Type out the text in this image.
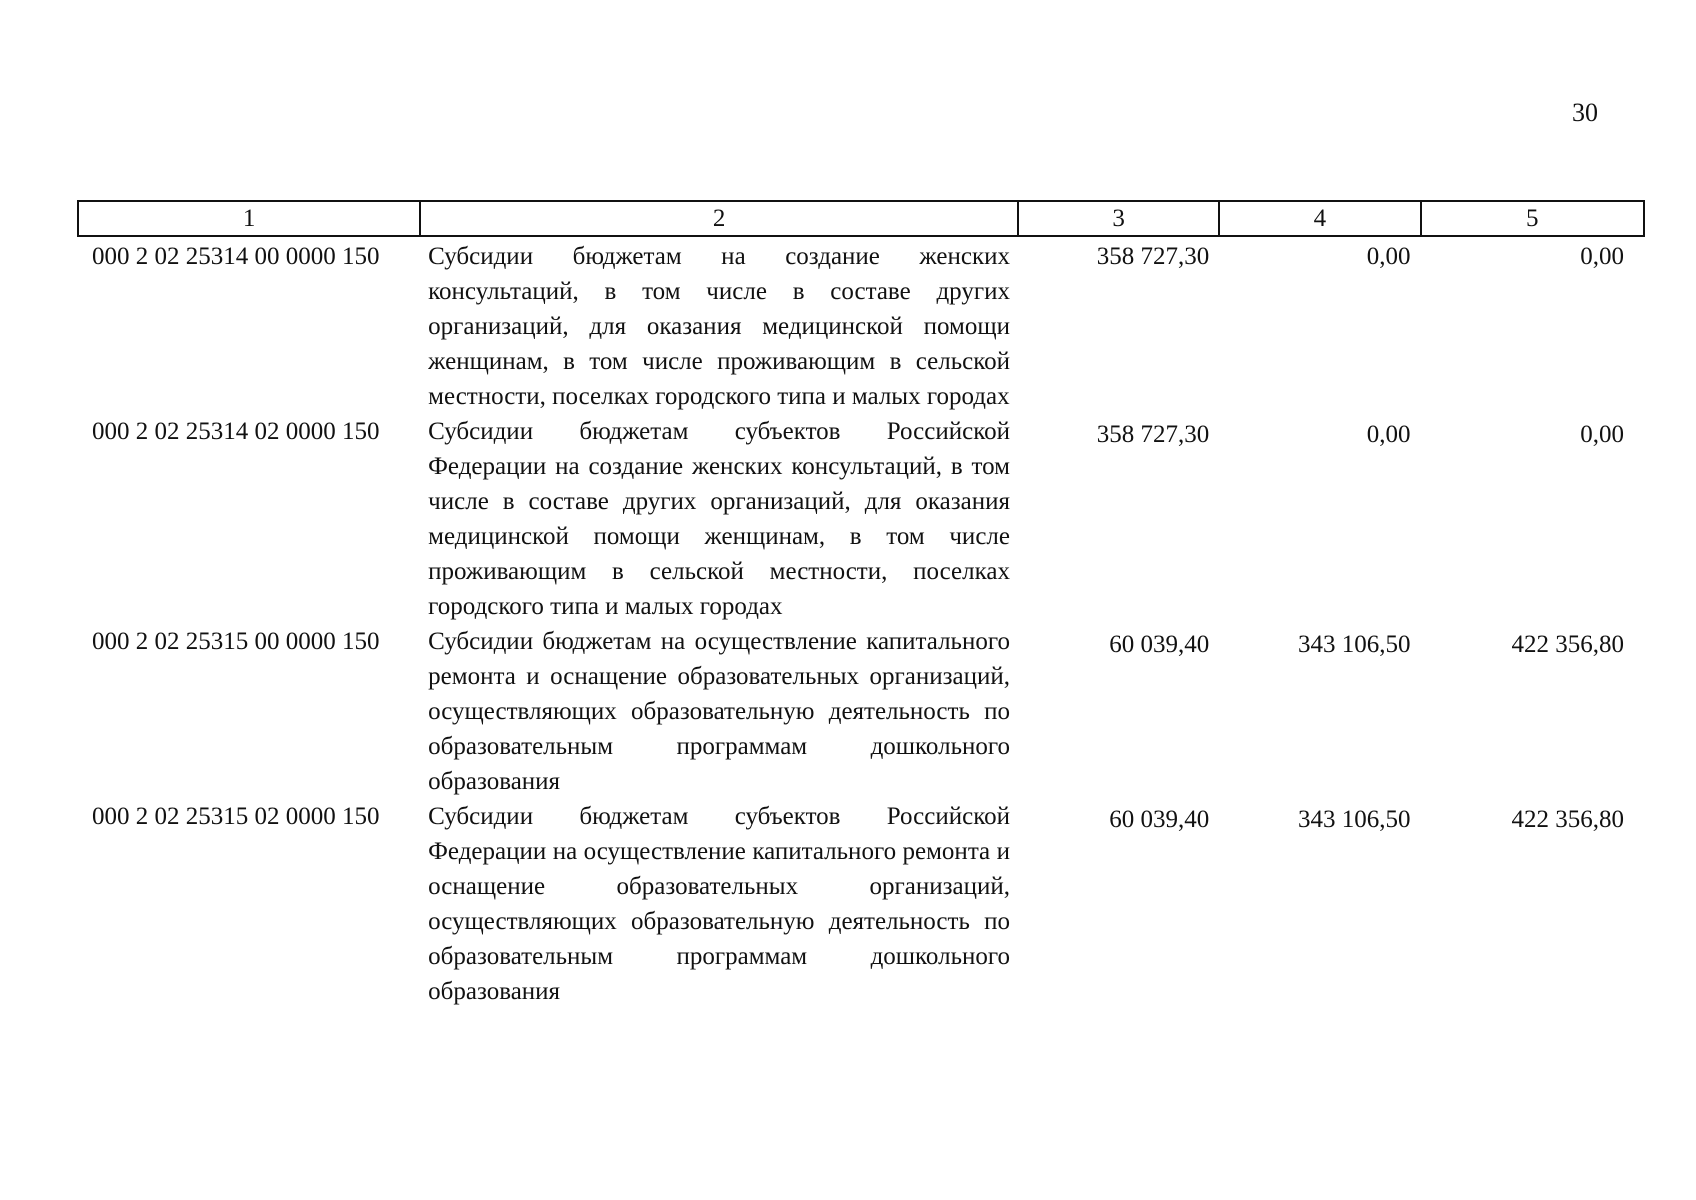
30
1	2	3	4	5
000 2 02 25314 00 0000 150	Субсидии бюджетам на создание женских консультаций, в том числе в составе других организаций, для оказания медицинской помощи женщинам, в том числе проживающим в сельской местности, поселках городского типа и малых городах	358 727,30	0,00	0,00
000 2 02 25314 02 0000 150	Субсидии бюджетам субъектов Российской Федерации на создание женских консультаций, в том числе в составе других организаций, для оказания медицинской помощи женщинам, в том числе проживающим в сельской местности, поселках городского типа и малых городах	358 727,30	0,00	0,00
000 2 02 25315 00 0000 150	Субсидии бюджетам на осуществление капитального ремонта и оснащение образовательных организаций, осуществляющих образовательную деятельность по образовательным программам дошкольного образования	60 039,40	343 106,50	422 356,80
000 2 02 25315 02 0000 150	Субсидии бюджетам субъектов Российской Федерации на осуществление капитального ремонта и оснащение образовательных организаций, осуществляющих образовательную деятельность по образовательным программам дошкольного образования	60 039,40	343 106,50	422 356,80
